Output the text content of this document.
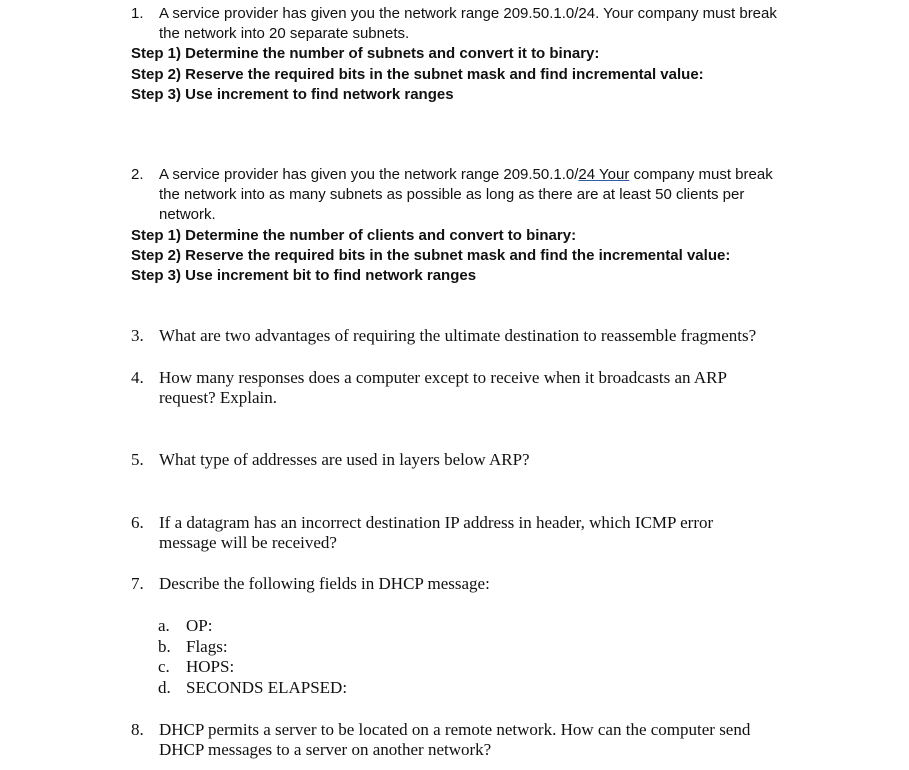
1. A service provider has given you the network range 209.50.1.0/24. Your company must break
the network into 20 separate subnets.
Step 1) Determine the number of subnets and convert it to binary:
Step 2) Reserve the required bits in the subnet mask and find incremental value:
Step 3) Use increment to find network ranges
2. A service provider has given you the network range 209.50.1.0/24 Your company must break
the network into as many subnets as possible as long as there are at least 50 clients per
network.
Step 1) Determine the number of clients and convert to binary:
Step 2) Reserve the required bits in the subnet mask and find the incremental value:
Step 3) Use increment bit to find network ranges
3. What are two advantages of requiring the ultimate destination to reassemble fragments?
4. How many responses does a computer except to receive when it broadcasts an ARP
request? Explain.
5. What type of addresses are used in layers below ARP?
6. If a datagram has an incorrect destination IP address in header, which ICMP error
message will be received?
7. Describe the following fields in DHCP message:
a. OP:
b. Flags:
c. HOPS:
d. SECONDS ELAPSED:
8. DHCP permits a server to be located on a remote network. How can the computer send
DHCP messages to a server on another network?
